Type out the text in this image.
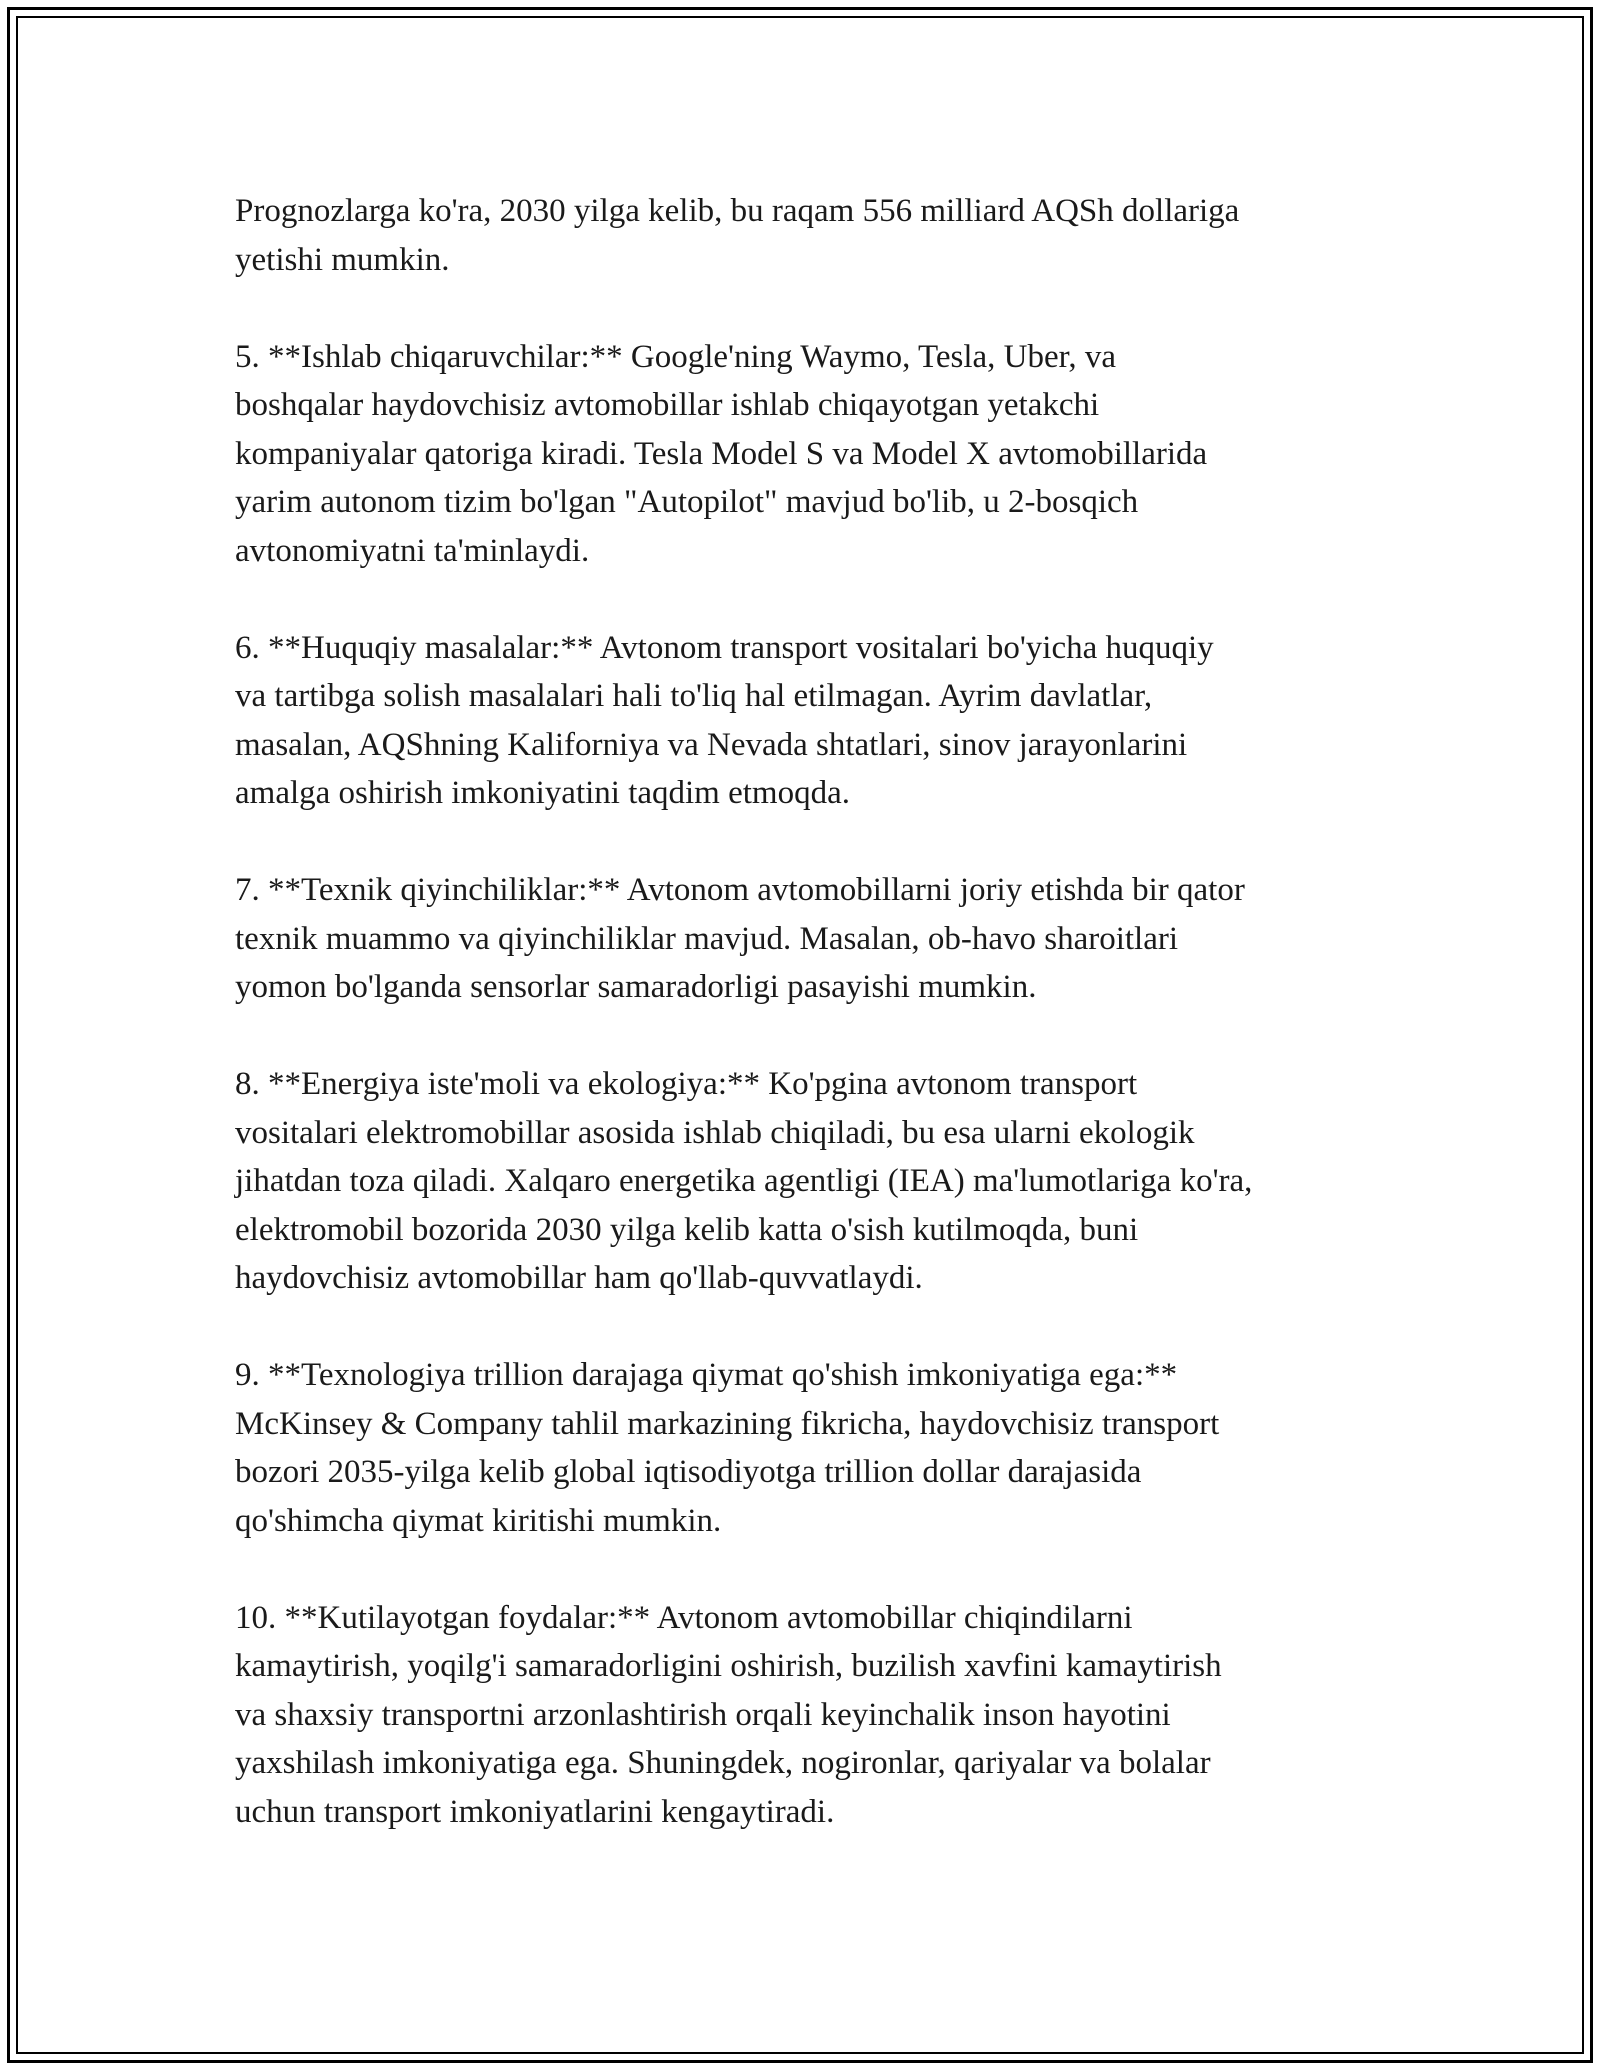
Prognozlarga ko'ra, 2030 yilga kelib, bu raqam 556 milliard AQSh dollariga
yetishi mumkin.

5. **Ishlab chiqaruvchilar:** Google'ning Waymo, Tesla, Uber, va
boshqalar haydovchisiz avtomobillar ishlab chiqayotgan yetakchi
kompaniyalar qatoriga kiradi. Tesla Model S va Model X avtomobillarida
yarim autonom tizim bo'lgan "Autopilot" mavjud bo'lib, u 2-bosqich
avtonomiyatni ta'minlaydi.

6. **Huquqiy masalalar:** Avtonom transport vositalari bo'yicha huquqiy
va tartibga solish masalalari hali to'liq hal etilmagan. Ayrim davlatlar,
masalan, AQShning Kaliforniya va Nevada shtatlari, sinov jarayonlarini
amalga oshirish imkoniyatini taqdim etmoqda.

7. **Texnik qiyinchiliklar:** Avtonom avtomobillarni joriy etishda bir qator
texnik muammo va qiyinchiliklar mavjud. Masalan, ob-havo sharoitlari
yomon bo'lganda sensorlar samaradorligi pasayishi mumkin.

8. **Energiya iste'moli va ekologiya:** Ko'pgina avtonom transport
vositalari elektromobillar asosida ishlab chiqiladi, bu esa ularni ekologik
jihatdan toza qiladi. Xalqaro energetika agentligi (IEA) ma'lumotlariga ko'ra,
elektromobil bozorida 2030 yilga kelib katta o'sish kutilmoqda, buni
haydovchisiz avtomobillar ham qo'llab-quvvatlaydi.

9. **Texnologiya trillion darajaga qiymat qo'shish imkoniyatiga ega:**
McKinsey & Company tahlil markazining fikricha, haydovchisiz transport
bozori 2035-yilga kelib global iqtisodiyotga trillion dollar darajasida
qo'shimcha qiymat kiritishi mumkin.

10. **Kutilayotgan foydalar:** Avtonom avtomobillar chiqindilarni
kamaytirish, yoqilg'i samaradorligini oshirish, buzilish xavfini kamaytirish
va shaxsiy transportni arzonlashtirish orqali keyinchalik inson hayotini
yaxshilash imkoniyatiga ega. Shuningdek, nogironlar, qariyalar va bolalar
uchun transport imkoniyatlarini kengaytiradi.
